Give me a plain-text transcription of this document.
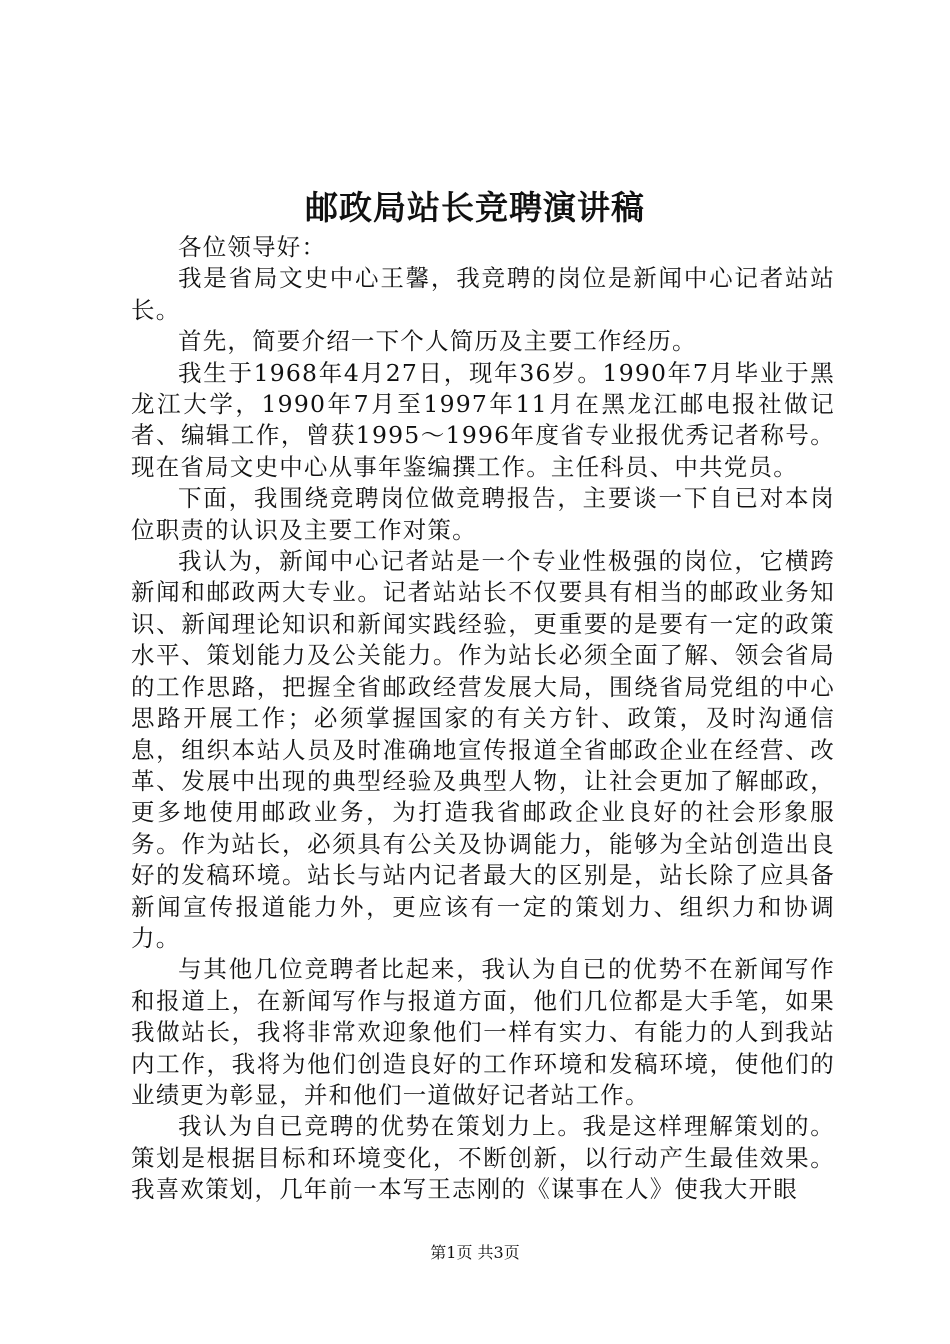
邮政局站长竞聘演讲稿

各位领导好：

我是省局文史中心王馨，我竞聘的岗位是新闻中心记者站站长。

首先，简要介绍一下个人简历及主要工作经历。

我生于1968年4月27日，现年36岁。1990年7月毕业于黑龙江大学，1990年7月至1997年11月在黑龙江邮电报社做记者、编辑工作，曾获1995～1996年度省专业报优秀记者称号。现在省局文史中心从事年鉴编撰工作。主任科员、中共党员。

下面，我围绕竞聘岗位做竞聘报告，主要谈一下自已对本岗位职责的认识及主要工作对策。

我认为，新闻中心记者站是一个专业性极强的岗位，它横跨新闻和邮政两大专业。记者站站长不仅要具有相当的邮政业务知识、新闻理论知识和新闻实践经验，更重要的是要有一定的政策水平、策划能力及公关能力。作为站长必须全面了解、领会省局的工作思路，把握全省邮政经营发展大局，围绕省局党组的中心思路开展工作；必须掌握国家的有关方针、政策，及时沟通信息，组织本站人员及时准确地宣传报道全省邮政企业在经营、改革、发展中出现的典型经验及典型人物，让社会更加了解邮政，更多地使用邮政业务，为打造我省邮政企业良好的社会形象服务。作为站长，必须具有公关及协调能力，能够为全站创造出良好的发稿环境。站长与站内记者最大的区别是，站长除了应具备新闻宣传报道能力外，更应该有一定的策划力、组织力和协调力。

与其他几位竞聘者比起来，我认为自已的优势不在新闻写作和报道上，在新闻写作与报道方面，他们几位都是大手笔，如果我做站长，我将非常欢迎象他们一样有实力、有能力的人到我站内工作，我将为他们创造良好的工作环境和发稿环境，使他们的业绩更为彰显，并和他们一道做好记者站工作。

我认为自已竞聘的优势在策划力上。我是这样理解策划的。策划是根据目标和环境变化，不断创新，以行动产生最佳效果。我喜欢策划，几年前一本写王志刚的《谋事在人》使我大开眼

第1页 共3页
